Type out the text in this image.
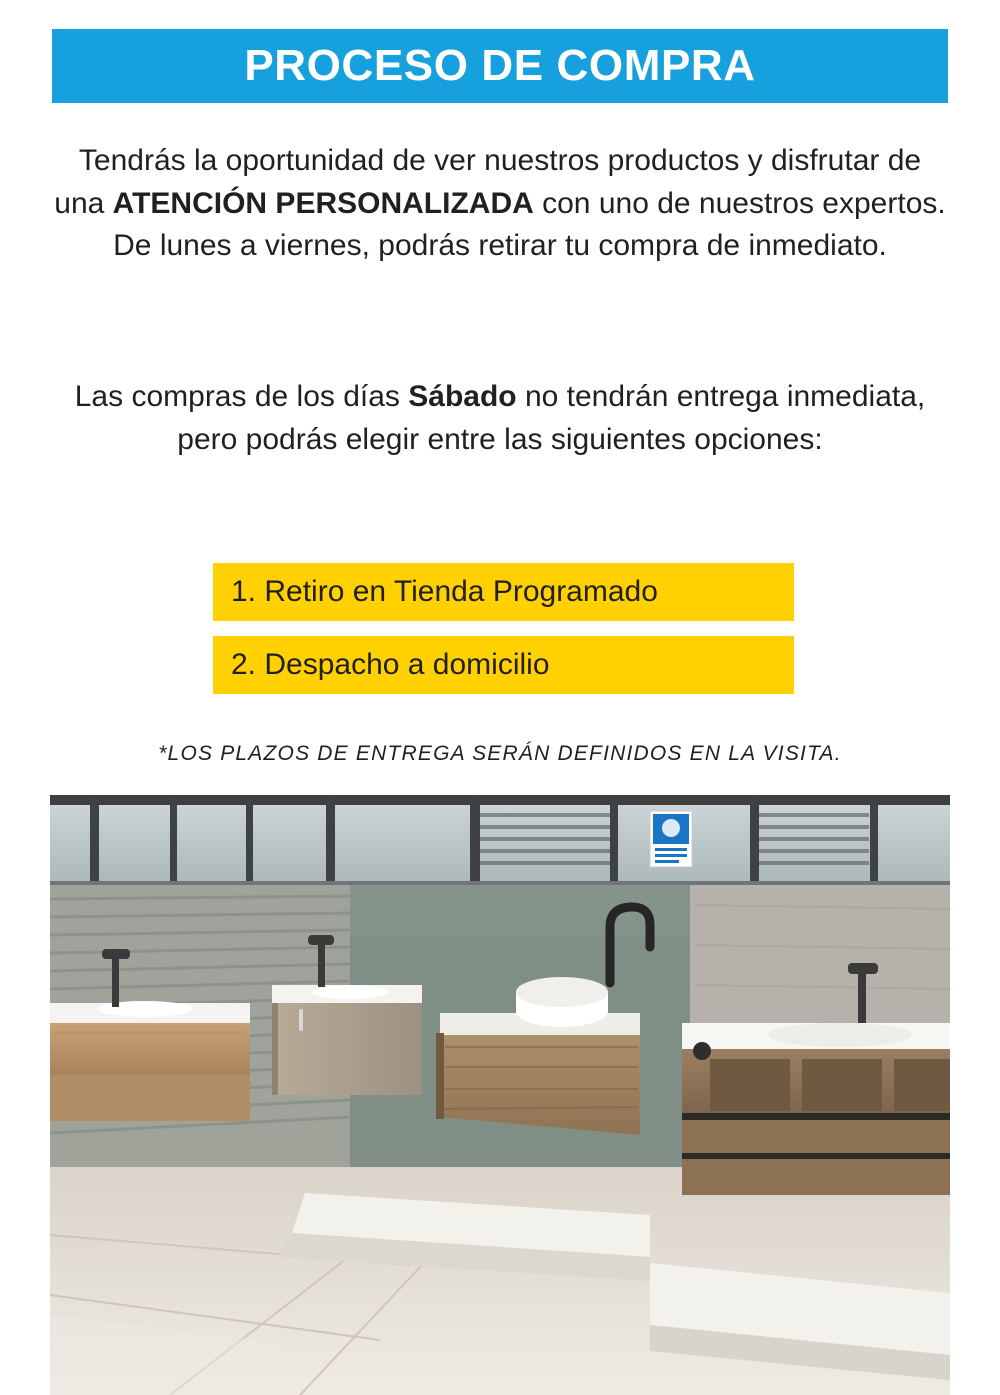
PROCESO DE COMPRA
Tendrás la oportunidad de ver nuestros productos y disfrutar de una ATENCIÓN PERSONALIZADA con uno de nuestros expertos. De lunes a viernes, podrás retirar tu compra de inmediato.
Las compras de los días Sábado no tendrán entrega inmediata, pero podrás elegir entre las siguientes opciones:
1. Retiro en Tienda Programado
2. Despacho a domicilio
*LOS PLAZOS DE ENTREGA SERÁN DEFINIDOS EN LA VISITA.
